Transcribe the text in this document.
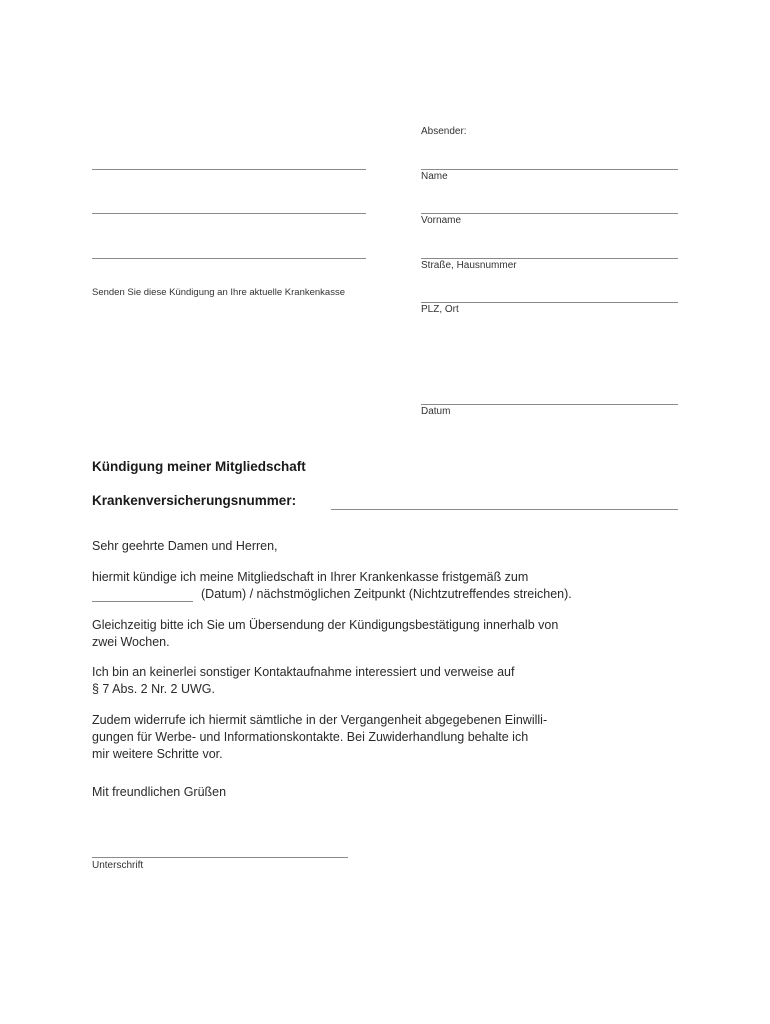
Absender:
Name
Vorname
Straße, Hausnummer
PLZ, Ort
Datum
Senden Sie diese Kündigung an Ihre aktuelle Krankenkasse
Kündigung meiner Mitgliedschaft
Krankenversicherungsnummer:
Sehr geehrte Damen und Herren,
hiermit kündige ich meine Mitgliedschaft in Ihrer Krankenkasse fristgemäß zum
(Datum) / nächstmöglichen Zeitpunkt (Nichtzutreffendes streichen).
Gleichzeitig bitte ich Sie um Übersendung der Kündigungsbestätigung innerhalb von
zwei Wochen.
Ich bin an keinerlei sonstiger Kontaktaufnahme interessiert und verweise auf
§ 7 Abs. 2 Nr. 2 UWG.
Zudem widerrufe ich hiermit sämtliche in der Vergangenheit abgegebenen Einwilli-
gungen für Werbe- und Informationskontakte. Bei Zuwiderhandlung behalte ich
mir weitere Schritte vor.
Mit freundlichen Grüßen
Unterschrift
